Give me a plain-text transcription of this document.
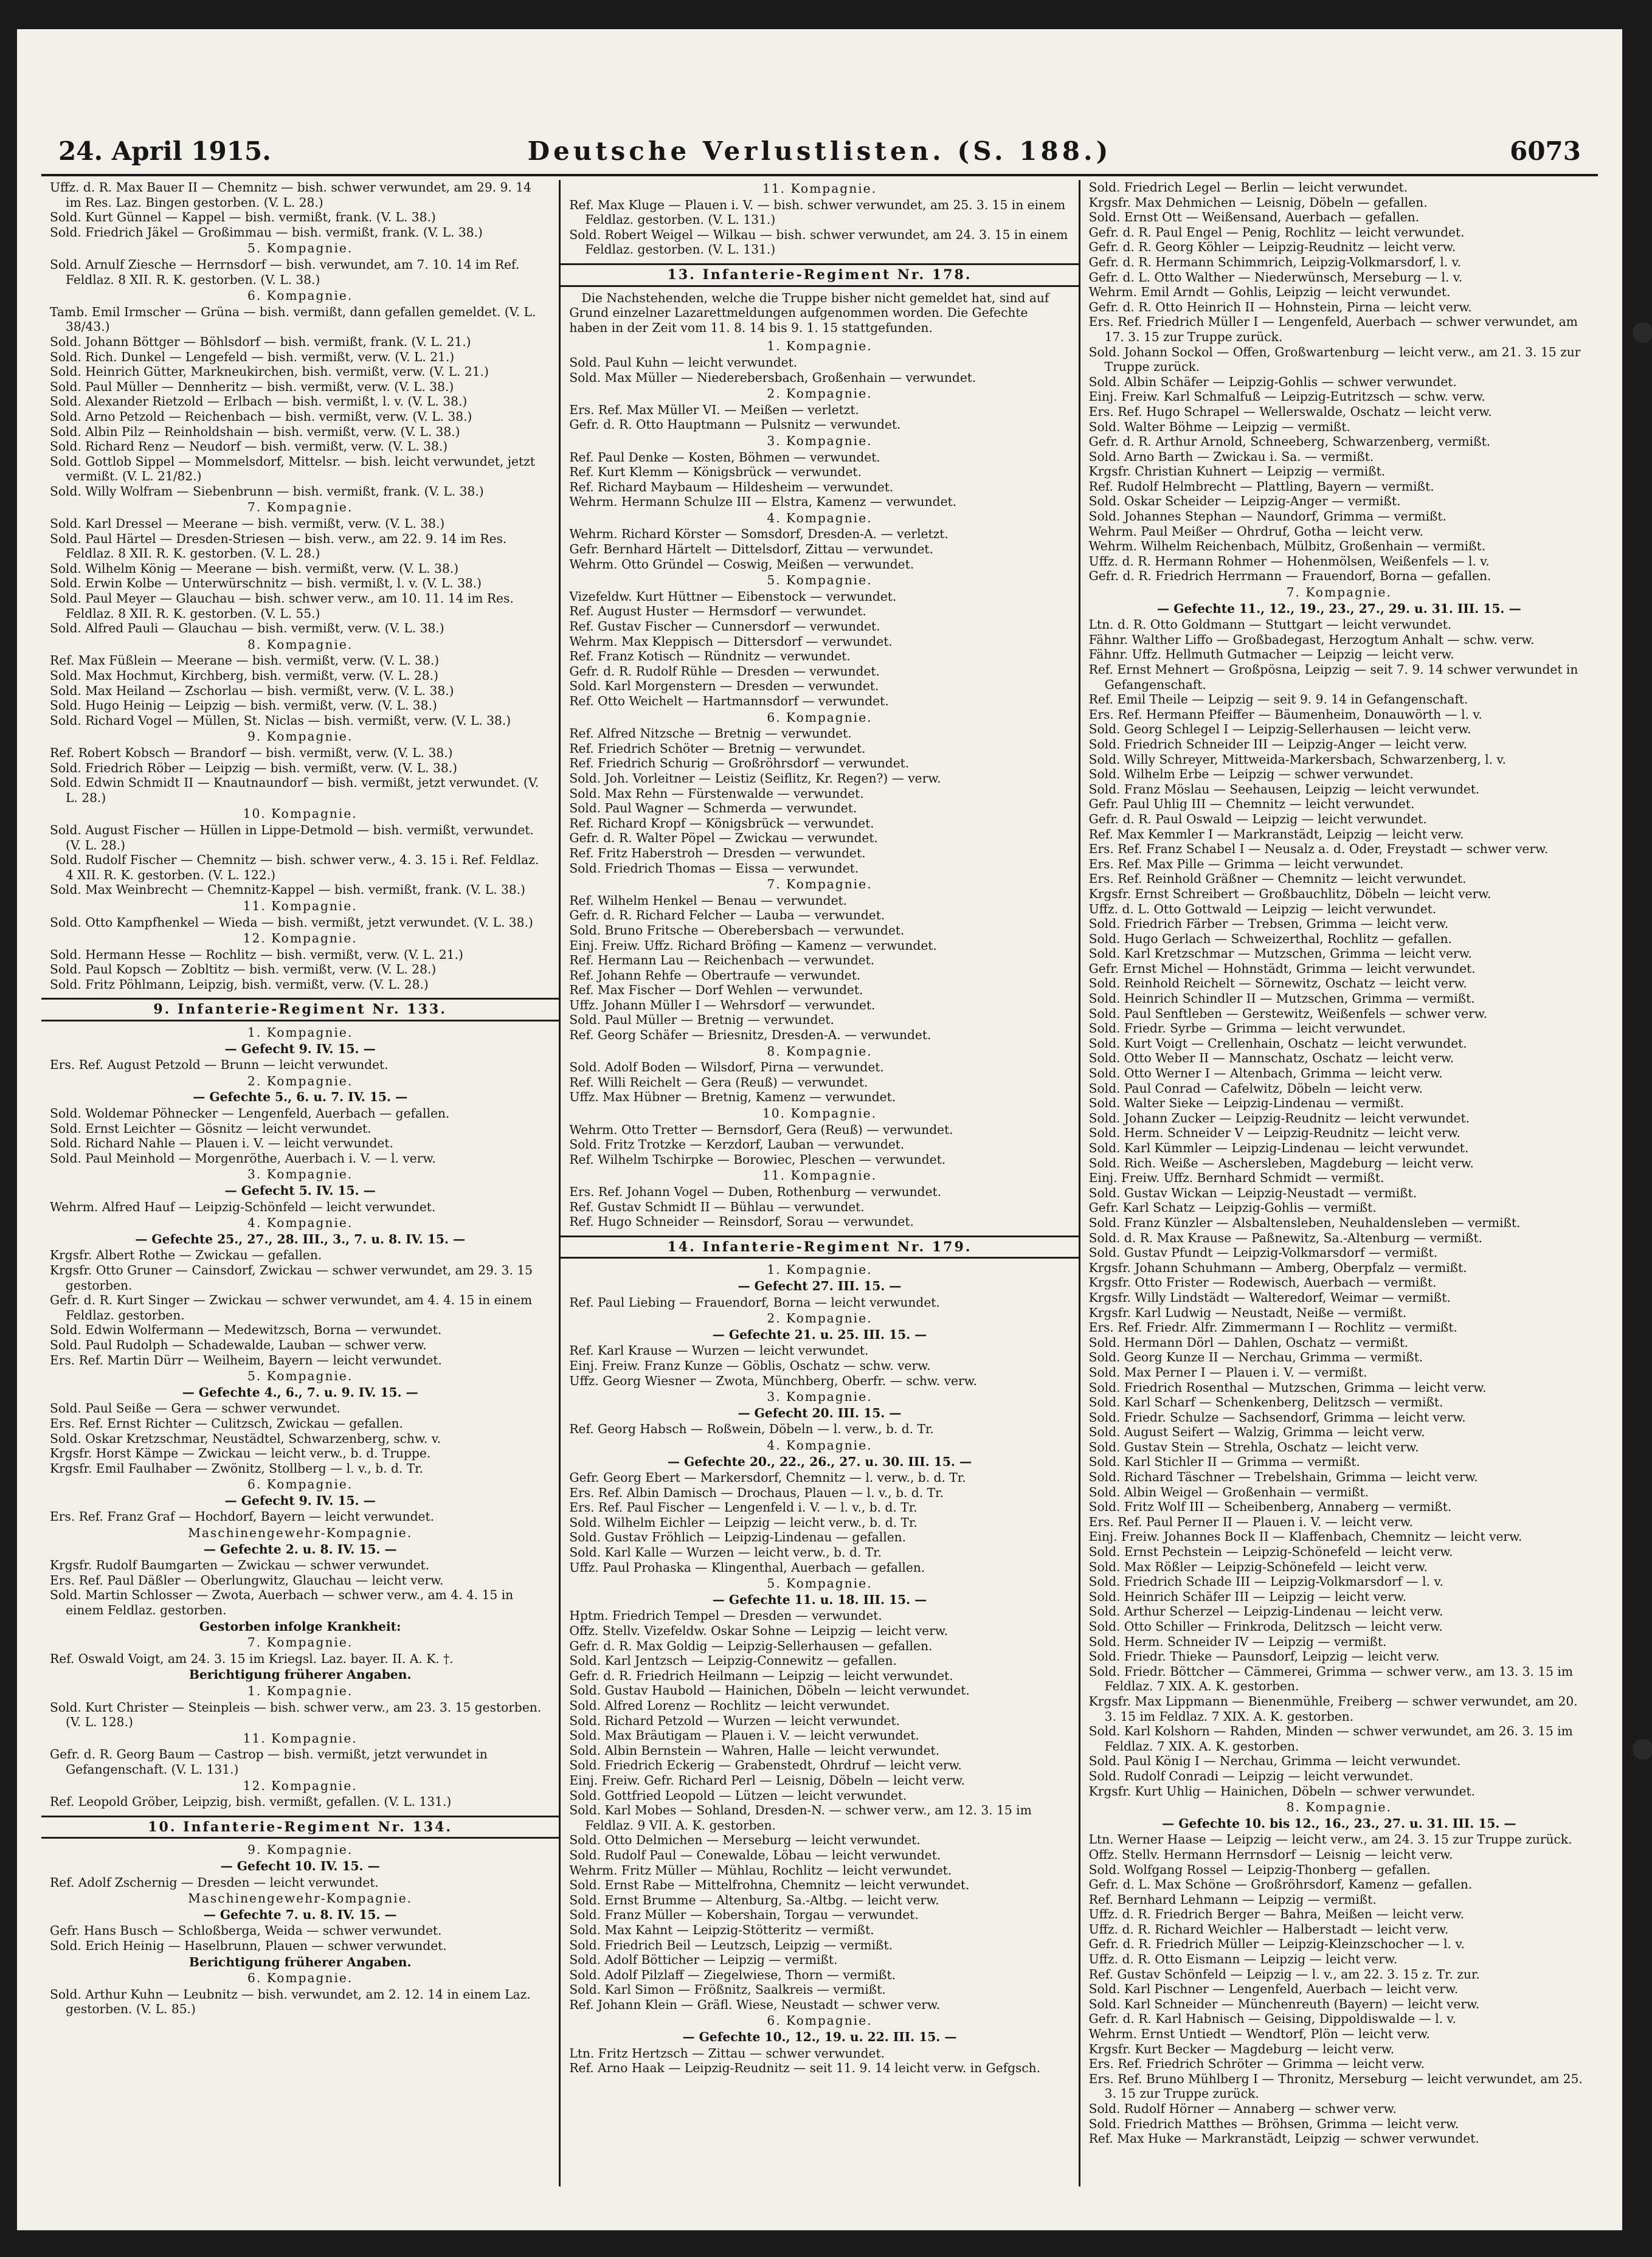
24. April 1915.	Deutsche Verlustlisten. (S. 188.)	6073

Uffz. d. R. Max Bauer II — Chemnitz — bish. schwer verwundet, am 29. 9. 14 im Res. Laz. Bingen gestorben. (V. L. 28.)

Sold. Kurt Günnel — Kappel — bish. vermißt, frank. (V. L. 38.)

Sold. Friedrich Jäkel — Großimmau — bish. vermißt, frank. (V. L. 38.)

5. Kompagnie.

Sold. Arnulf Ziesche — Herrnsdorf — bish. verwundet, am 7. 10. 14 im Ref. Feldlaz. 8 XII. R. K. gestorben. (V. L. 38.)

6. Kompagnie.

Tamb. Emil Irmscher — Grüna — bish. vermißt, dann gefallen gemeldet. (V. L. 38/43.)

Sold. Johann Böttger — Böhlsdorf — bish. vermißt, frank. (V. L. 21.)

Sold. Rich. Dunkel — Lengefeld — bish. vermißt, verw. (V. L. 21.)

Sold. Heinrich Gütter, Markneukirchen, bish. vermißt, verw. (V. L. 21.)

Sold. Paul Müller — Dennheritz — bish. vermißt, verw. (V. L. 38.)

Sold. Alexander Rietzold — Erlbach — bish. vermißt, l. v. (V. L. 38.)

Sold. Arno Petzold — Reichenbach — bish. vermißt, verw. (V. L. 38.)

Sold. Albin Pilz — Reinholdshain — bish. vermißt, verw. (V. L. 38.)

Sold. Richard Renz — Neudorf — bish. vermißt, verw. (V. L. 38.)

Sold. Gottlob Sippel — Mommelsdorf, Mittelsr. — bish. leicht verwundet, jetzt vermißt. (V. L. 21/82.)

Sold. Willy Wolfram — Siebenbrunn — bish. vermißt, frank. (V. L. 38.)

7. Kompagnie.

Sold. Karl Dressel — Meerane — bish. vermißt, verw. (V. L. 38.)

Sold. Paul Härtel — Dresden-Striesen — bish. verw., am 22. 9. 14 im Res. Feldlaz. 8 XII. R. K. gestorben. (V. L. 28.)

Sold. Wilhelm König — Meerane — bish. vermißt, verw. (V. L. 38.)

Sold. Erwin Kolbe — Unterwürschnitz — bish. vermißt, l. v. (V. L. 38.)

Sold. Paul Meyer — Glauchau — bish. schwer verw., am 10. 11. 14 im Res. Feldlaz. 8 XII. R. K. gestorben. (V. L. 55.)

Sold. Alfred Pauli — Glauchau — bish. vermißt, verw. (V. L. 38.)

8. Kompagnie.

Ref. Max Füßlein — Meerane — bish. vermißt, verw. (V. L. 38.)

Sold. Max Hochmut, Kirchberg, bish. vermißt, verw. (V. L. 28.)

Sold. Max Heiland — Zschorlau — bish. vermißt, verw. (V. L. 38.)

Sold. Hugo Heinig — Leipzig — bish. vermißt, verw. (V. L. 38.)

Sold. Richard Vogel — Müllen, St. Niclas — bish. vermißt, verw. (V. L. 38.)

9. Kompagnie.

Ref. Robert Kobsch — Brandorf — bish. vermißt, verw. (V. L. 38.)

Sold. Friedrich Röber — Leipzig — bish. vermißt, verw. (V. L. 38.)

Sold. Edwin Schmidt II — Knautnaundorf — bish. vermißt, jetzt verwundet. (V. L. 28.)

10. Kompagnie.

Sold. August Fischer — Hüllen in Lippe-Detmold — bish. vermißt, verwundet. (V. L. 28.)

Sold. Rudolf Fischer — Chemnitz — bish. schwer verw., 4. 3. 15 i. Ref. Feldlaz. 4 XII. R. K. gestorben. (V. L. 122.)

Sold. Max Weinbrecht — Chemnitz-Kappel — bish. vermißt, frank. (V. L. 38.)

11. Kompagnie.

Sold. Otto Kampfhenkel — Wieda — bish. vermißt, jetzt verwundet. (V. L. 38.)

12. Kompagnie.

Sold. Hermann Hesse — Rochlitz — bish. vermißt, verw. (V. L. 21.)

Sold. Paul Kopsch — Zobltitz — bish. vermißt, verw. (V. L. 28.)

Sold. Fritz Pöhlmann, Leipzig, bish. vermißt, verw. (V. L. 28.)

9. Infanterie-Regiment Nr. 133.

1. Kompagnie.

— Gefecht 9. IV. 15. —

Ers. Ref. August Petzold — Brunn — leicht verwundet.

2. Kompagnie.

— Gefechte 5., 6. u. 7. IV. 15. —

Sold. Woldemar Pöhnecker — Lengenfeld, Auerbach — gefallen.

Sold. Ernst Leichter — Gösnitz — leicht verwundet.

Sold. Richard Nahle — Plauen i. V. — leicht verwundet.

Sold. Paul Meinhold — Morgenröthe, Auerbach i. V. — l. verw.

3. Kompagnie.

— Gefecht 5. IV. 15. —

Wehrm. Alfred Hauf — Leipzig-Schönfeld — leicht verwundet.

4. Kompagnie.

— Gefechte 25., 27., 28. III., 3., 7. u. 8. IV. 15. —

Krgsfr. Albert Rothe — Zwickau — gefallen.

Krgsfr. Otto Gruner — Cainsdorf, Zwickau — schwer verwundet, am 29. 3. 15 gestorben.

Gefr. d. R. Kurt Singer — Zwickau — schwer verwundet, am 4. 4. 15 in einem Feldlaz. gestorben.

Sold. Edwin Wolfermann — Medewitzsch, Borna — verwundet.

Sold. Paul Rudolph — Schadewalde, Lauban — schwer verw.

Ers. Ref. Martin Dürr — Weilheim, Bayern — leicht verwundet.

5. Kompagnie.

— Gefechte 4., 6., 7. u. 9. IV. 15. —

Sold. Paul Seiße — Gera — schwer verwundet.

Ers. Ref. Ernst Richter — Culitzsch, Zwickau — gefallen.

Sold. Oskar Kretzschmar, Neustädtel, Schwarzenberg, schw. v.

Krgsfr. Horst Kämpe — Zwickau — leicht verw., b. d. Truppe.

Krgsfr. Emil Faulhaber — Zwönitz, Stollberg — l. v., b. d. Tr.

6. Kompagnie.

— Gefecht 9. IV. 15. —

Ers. Ref. Franz Graf — Hochdorf, Bayern — leicht verwundet.

Maschinengewehr-Kompagnie.

— Gefechte 2. u. 8. IV. 15. —

Krgsfr. Rudolf Baumgarten — Zwickau — schwer verwundet.

Ers. Ref. Paul Däßler — Oberlungwitz, Glauchau — leicht verw.

Sold. Martin Schlosser — Zwota, Auerbach — schwer verw., am 4. 4. 15 in einem Feldlaz. gestorben.

Gestorben infolge Krankheit:

7. Kompagnie.

Ref. Oswald Voigt, am 24. 3. 15 im Kriegsl. Laz. bayer. II. A. K. †.

Berichtigung früherer Angaben.

1. Kompagnie.

Sold. Kurt Christer — Steinpleis — bish. schwer verw., am 23. 3. 15 gestorben. (V. L. 128.)

11. Kompagnie.

Gefr. d. R. Georg Baum — Castrop — bish. vermißt, jetzt verwundet in Gefangenschaft. (V. L. 131.)

12. Kompagnie.

Ref. Leopold Gröber, Leipzig, bish. vermißt, gefallen. (V. L. 131.)

10. Infanterie-Regiment Nr. 134.

9. Kompagnie.

— Gefecht 10. IV. 15. —

Ref. Adolf Zschernig — Dresden — leicht verwundet.

Maschinengewehr-Kompagnie.

— Gefechte 7. u. 8. IV. 15. —

Gefr. Hans Busch — Schloßberga, Weida — schwer verwundet.

Sold. Erich Heinig — Haselbrunn, Plauen — schwer verwundet.

Berichtigung früherer Angaben.

6. Kompagnie.

Sold. Arthur Kuhn — Leubnitz — bish. verwundet, am 2. 12. 14 in einem Laz. gestorben. (V. L. 85.)

11. Kompagnie.

Ref. Max Kluge — Plauen i. V. — bish. schwer verwundet, am 25. 3. 15 in einem Feldlaz. gestorben. (V. L. 131.)

Sold. Robert Weigel — Wilkau — bish. schwer verwundet, am 24. 3. 15 in einem Feldlaz. gestorben. (V. L. 131.)

13. Infanterie-Regiment Nr. 178.

Die Nachstehenden, welche die Truppe bisher nicht gemeldet hat, sind auf Grund einzelner Lazarettmeldungen aufgenommen worden. Die Gefechte haben in der Zeit vom 11. 8. 14 bis 9. 1. 15 stattgefunden.

1. Kompagnie.

Sold. Paul Kuhn — leicht verwundet.

Sold. Max Müller — Niederebersbach, Großenhain — verwundet.

2. Kompagnie.

Ers. Ref. Max Müller VI. — Meißen — verletzt.

Gefr. d. R. Otto Hauptmann — Pulsnitz — verwundet.

3. Kompagnie.

Ref. Paul Denke — Kosten, Böhmen — verwundet.

Ref. Kurt Klemm — Königsbrück — verwundet.

Ref. Richard Maybaum — Hildesheim — verwundet.

Wehrm. Hermann Schulze III — Elstra, Kamenz — verwundet.

4. Kompagnie.

Wehrm. Richard Körster — Somsdorf, Dresden-A. — verletzt.

Gefr. Bernhard Härtelt — Dittelsdorf, Zittau — verwundet.

Wehrm. Otto Gründel — Coswig, Meißen — verwundet.

5. Kompagnie.

Vizefeldw. Kurt Hüttner — Eibenstock — verwundet.

Ref. August Huster — Hermsdorf — verwundet.

Ref. Gustav Fischer — Cunnersdorf — verwundet.

Wehrm. Max Kleppisch — Dittersdorf — verwundet.

Ref. Franz Kotisch — Ründnitz — verwundet.

Gefr. d. R. Rudolf Rühle — Dresden — verwundet.

Sold. Karl Morgenstern — Dresden — verwundet.

Ref. Otto Weichelt — Hartmannsdorf — verwundet.

6. Kompagnie.

Ref. Alfred Nitzsche — Bretnig — verwundet.

Ref. Friedrich Schöter — Bretnig — verwundet.

Ref. Friedrich Schurig — Großröhrsdorf — verwundet.

Sold. Joh. Vorleitner — Leistiz (Seiflitz, Kr. Regen?) — verw.

Sold. Max Rehn — Fürstenwalde — verwundet.

Sold. Paul Wagner — Schmerda — verwundet.

Ref. Richard Kropf — Königsbrück — verwundet.

Gefr. d. R. Walter Pöpel — Zwickau — verwundet.

Ref. Fritz Haberstroh — Dresden — verwundet.

Sold. Friedrich Thomas — Eissa — verwundet.

7. Kompagnie.

Ref. Wilhelm Henkel — Benau — verwundet.

Gefr. d. R. Richard Felcher — Lauba — verwundet.

Sold. Bruno Fritsche — Oberebersbach — verwundet.

Einj. Freiw. Uffz. Richard Bröfing — Kamenz — verwundet.

Ref. Hermann Lau — Reichenbach — verwundet.

Ref. Johann Rehfe — Obertraufe — verwundet.

Ref. Max Fischer — Dorf Wehlen — verwundet.

Uffz. Johann Müller I — Wehrsdorf — verwundet.

Sold. Paul Müller — Bretnig — verwundet.

Ref. Georg Schäfer — Briesnitz, Dresden-A. — verwundet.

8. Kompagnie.

Sold. Adolf Boden — Wilsdorf, Pirna — verwundet.

Ref. Willi Reichelt — Gera (Reuß) — verwundet.

Uffz. Max Hübner — Bretnig, Kamenz — verwundet.

10. Kompagnie.

Wehrm. Otto Tretter — Bernsdorf, Gera (Reuß) — verwundet.

Sold. Fritz Trotzke — Kerzdorf, Lauban — verwundet.

Ref. Wilhelm Tschirpke — Borowiec, Pleschen — verwundet.

11. Kompagnie.

Ers. Ref. Johann Vogel — Duben, Rothenburg — verwundet.

Ref. Gustav Schmidt II — Bühlau — verwundet.

Ref. Hugo Schneider — Reinsdorf, Sorau — verwundet.

14. Infanterie-Regiment Nr. 179.

1. Kompagnie.

— Gefecht 27. III. 15. —

Ref. Paul Liebing — Frauendorf, Borna — leicht verwundet.

2. Kompagnie.

— Gefechte 21. u. 25. III. 15. —

Ref. Karl Krause — Wurzen — leicht verwundet.

Einj. Freiw. Franz Kunze — Göblis, Oschatz — schw. verw.

Uffz. Georg Wiesner — Zwota, Münchberg, Oberfr. — schw. verw.

3. Kompagnie.

— Gefecht 20. III. 15. —

Ref. Georg Habsch — Roßwein, Döbeln — l. verw., b. d. Tr.

4. Kompagnie.

— Gefechte 20., 22., 26., 27. u. 30. III. 15. —

Gefr. Georg Ebert — Markersdorf, Chemnitz — l. verw., b. d. Tr.

Ers. Ref. Albin Damisch — Drochaus, Plauen — l. v., b. d. Tr.

Ers. Ref. Paul Fischer — Lengenfeld i. V. — l. v., b. d. Tr.

Sold. Wilhelm Eichler — Leipzig — leicht verw., b. d. Tr.

Sold. Gustav Fröhlich — Leipzig-Lindenau — gefallen.

Sold. Karl Kalle — Wurzen — leicht verw., b. d. Tr.

Uffz. Paul Prohaska — Klingenthal, Auerbach — gefallen.

5. Kompagnie.

— Gefechte 11. u. 18. III. 15. —

Hptm. Friedrich Tempel — Dresden — verwundet.

Offz. Stellv. Vizefeldw. Oskar Sohne — Leipzig — leicht verw.

Gefr. d. R. Max Goldig — Leipzig-Sellerhausen — gefallen.

Sold. Karl Jentzsch — Leipzig-Connewitz — gefallen.

Gefr. d. R. Friedrich Heilmann — Leipzig — leicht verwundet.

Sold. Gustav Haubold — Hainichen, Döbeln — leicht verwundet.

Sold. Alfred Lorenz — Rochlitz — leicht verwundet.

Sold. Richard Petzold — Wurzen — leicht verwundet.

Sold. Max Bräutigam — Plauen i. V. — leicht verwundet.

Sold. Albin Bernstein — Wahren, Halle — leicht verwundet.

Sold. Friedrich Eckerig — Grabenstedt, Ohrdruf — leicht verw.

Einj. Freiw. Gefr. Richard Perl — Leisnig, Döbeln — leicht verw.

Sold. Gottfried Leopold — Lützen — leicht verwundet.

Sold. Karl Mobes — Sohland, Dresden-N. — schwer verw., am 12. 3. 15 im Feldlaz. 9 VII. A. K. gestorben.

Sold. Otto Delmichen — Merseburg — leicht verwundet.

Sold. Rudolf Paul — Conewalde, Löbau — leicht verwundet.

Wehrm. Fritz Müller — Mühlau, Rochlitz — leicht verwundet.

Sold. Ernst Rabe — Mittelfrohna, Chemnitz — leicht verwundet.

Sold. Ernst Brumme — Altenburg, Sa.-Altbg. — leicht verw.

Sold. Franz Müller — Kobershain, Torgau — verwundet.

Sold. Max Kahnt — Leipzig-Stötteritz — vermißt.

Sold. Friedrich Beil — Leutzsch, Leipzig — vermißt.

Sold. Adolf Bötticher — Leipzig — vermißt.

Sold. Adolf Pilzlaff — Ziegelwiese, Thorn — vermißt.

Sold. Karl Simon — Frößnitz, Saalkreis — vermißt.

Ref. Johann Klein — Gräfl. Wiese, Neustadt — schwer verw.

6. Kompagnie.

— Gefechte 10., 12., 19. u. 22. III. 15. —

Ltn. Fritz Hertzsch — Zittau — schwer verwundet.

Ref. Arno Haak — Leipzig-Reudnitz — seit 11. 9. 14 leicht verw. in Gefgsch.

Sold. Friedrich Legel — Berlin — leicht verwundet.

Krgsfr. Max Dehmichen — Leisnig, Döbeln — gefallen.

Sold. Ernst Ott — Weißensand, Auerbach — gefallen.

Gefr. d. R. Paul Engel — Penig, Rochlitz — leicht verwundet.

Gefr. d. R. Georg Köhler — Leipzig-Reudnitz — leicht verw.

Gefr. d. R. Hermann Schimmrich, Leipzig-Volkmarsdorf, l. v.

Gefr. d. L. Otto Walther — Niederwünsch, Merseburg — l. v.

Wehrm. Emil Arndt — Gohlis, Leipzig — leicht verwundet.

Gefr. d. R. Otto Heinrich II — Hohnstein, Pirna — leicht verw.

Ers. Ref. Friedrich Müller I — Lengenfeld, Auerbach — schwer verwundet, am 17. 3. 15 zur Truppe zurück.

Sold. Johann Sockol — Offen, Großwartenburg — leicht verw., am 21. 3. 15 zur Truppe zurück.

Sold. Albin Schäfer — Leipzig-Gohlis — schwer verwundet.

Einj. Freiw. Karl Schmalfuß — Leipzig-Eutritzsch — schw. verw.

Ers. Ref. Hugo Schrapel — Wellerswalde, Oschatz — leicht verw.

Sold. Walter Böhme — Leipzig — vermißt.

Gefr. d. R. Arthur Arnold, Schneeberg, Schwarzenberg, vermißt.

Sold. Arno Barth — Zwickau i. Sa. — vermißt.

Krgsfr. Christian Kuhnert — Leipzig — vermißt.

Ref. Rudolf Helmbrecht — Plattling, Bayern — vermißt.

Sold. Oskar Scheider — Leipzig-Anger — vermißt.

Sold. Johannes Stephan — Naundorf, Grimma — vermißt.

Wehrm. Paul Meißer — Ohrdruf, Gotha — leicht verw.

Wehrm. Wilhelm Reichenbach, Mülbitz, Großenhain — vermißt.

Uffz. d. R. Hermann Rohmer — Hohenmölsen, Weißenfels — l. v.

Gefr. d. R. Friedrich Herrmann — Frauendorf, Borna — gefallen.

7. Kompagnie.

— Gefechte 11., 12., 19., 23., 27., 29. u. 31. III. 15. —

Ltn. d. R. Otto Goldmann — Stuttgart — leicht verwundet.

Fähnr. Walther Liffo — Großbadegast, Herzogtum Anhalt — schw. verw.

Fähnr. Uffz. Hellmuth Gutmacher — Leipzig — leicht verw.

Ref. Ernst Mehnert — Großpösna, Leipzig — seit 7. 9. 14 schwer verwundet in Gefangenschaft.

Ref. Emil Theile — Leipzig — seit 9. 9. 14 in Gefangenschaft.

Ers. Ref. Hermann Pfeiffer — Bäumenheim, Donauwörth — l. v.

Sold. Georg Schlegel I — Leipzig-Sellerhausen — leicht verw.

Sold. Friedrich Schneider III — Leipzig-Anger — leicht verw.

Sold. Willy Schreyer, Mittweida-Markersbach, Schwarzenberg, l. v.

Sold. Wilhelm Erbe — Leipzig — schwer verwundet.

Sold. Franz Möslau — Seehausen, Leipzig — leicht verwundet.

Gefr. Paul Uhlig III — Chemnitz — leicht verwundet.

Gefr. d. R. Paul Oswald — Leipzig — leicht verwundet.

Ref. Max Kemmler I — Markranstädt, Leipzig — leicht verw.

Ers. Ref. Franz Schabel I — Neusalz a. d. Oder, Freystadt — schwer verw.

Ers. Ref. Max Pille — Grimma — leicht verwundet.

Ers. Ref. Reinhold Gräßner — Chemnitz — leicht verwundet.

Krgsfr. Ernst Schreibert — Großbauchlitz, Döbeln — leicht verw.

Uffz. d. L. Otto Gottwald — Leipzig — leicht verwundet.

Sold. Friedrich Färber — Trebsen, Grimma — leicht verw.

Sold. Hugo Gerlach — Schweizerthal, Rochlitz — gefallen.

Sold. Karl Kretzschmar — Mutzschen, Grimma — leicht verw.

Gefr. Ernst Michel — Hohnstädt, Grimma — leicht verwundet.

Sold. Reinhold Reichelt — Sörnewitz, Oschatz — leicht verw.

Sold. Heinrich Schindler II — Mutzschen, Grimma — vermißt.

Sold. Paul Senftleben — Gerstewitz, Weißenfels — schwer verw.

Sold. Friedr. Syrbe — Grimma — leicht verwundet.

Sold. Kurt Voigt — Crellenhain, Oschatz — leicht verwundet.

Sold. Otto Weber II — Mannschatz, Oschatz — leicht verw.

Sold. Otto Werner I — Altenbach, Grimma — leicht verw.

Sold. Paul Conrad — Cafelwitz, Döbeln — leicht verw.

Sold. Walter Sieke — Leipzig-Lindenau — vermißt.

Sold. Johann Zucker — Leipzig-Reudnitz — leicht verwundet.

Sold. Herm. Schneider V — Leipzig-Reudnitz — leicht verw.

Sold. Karl Kümmler — Leipzig-Lindenau — leicht verwundet.

Sold. Rich. Weiße — Aschersleben, Magdeburg — leicht verw.

Einj. Freiw. Uffz. Bernhard Schmidt — vermißt.

Sold. Gustav Wickan — Leipzig-Neustadt — vermißt.

Gefr. Karl Schatz — Leipzig-Gohlis — vermißt.

Sold. Franz Künzler — Alsbaltensleben, Neuhaldensleben — vermißt.

Sold. d. R. Max Krause — Paßnewitz, Sa.-Altenburg — vermißt.

Sold. Gustav Pfundt — Leipzig-Volkmarsdorf — vermißt.

Krgsfr. Johann Schuhmann — Amberg, Oberpfalz — vermißt.

Krgsfr. Otto Frister — Rodewisch, Auerbach — vermißt.

Krgsfr. Willy Lindstädt — Walteredorf, Weimar — vermißt.

Krgsfr. Karl Ludwig — Neustadt, Neiße — vermißt.

Ers. Ref. Friedr. Alfr. Zimmermann I — Rochlitz — vermißt.

Sold. Hermann Dörl — Dahlen, Oschatz — vermißt.

Sold. Georg Kunze II — Nerchau, Grimma — vermißt.

Sold. Max Perner I — Plauen i. V. — vermißt.

Sold. Friedrich Rosenthal — Mutzschen, Grimma — leicht verw.

Sold. Karl Scharf — Schenkenberg, Delitzsch — vermißt.

Sold. Friedr. Schulze — Sachsendorf, Grimma — leicht verw.

Sold. August Seifert — Walzig, Grimma — leicht verw.

Sold. Gustav Stein — Strehla, Oschatz — leicht verw.

Sold. Karl Stichler II — Grimma — vermißt.

Sold. Richard Täschner — Trebelshain, Grimma — leicht verw.

Sold. Albin Weigel — Großenhain — vermißt.

Sold. Fritz Wolf III — Scheibenberg, Annaberg — vermißt.

Ers. Ref. Paul Perner II — Plauen i. V. — leicht verw.

Einj. Freiw. Johannes Bock II — Klaffenbach, Chemnitz — leicht verw.

Sold. Ernst Pechstein — Leipzig-Schönefeld — leicht verw.

Sold. Max Rößler — Leipzig-Schönefeld — leicht verw.

Sold. Friedrich Schade III — Leipzig-Volkmarsdorf — l. v.

Sold. Heinrich Schäfer III — Leipzig — leicht verw.

Sold. Arthur Scherzel — Leipzig-Lindenau — leicht verw.

Sold. Otto Schiller — Frinkroda, Delitzsch — leicht verw.

Sold. Herm. Schneider IV — Leipzig — vermißt.

Sold. Friedr. Thieke — Paunsdorf, Leipzig — leicht verw.

Sold. Friedr. Böttcher — Cämmerei, Grimma — schwer verw., am 13. 3. 15 im Feldlaz. 7 XIX. A. K. gestorben.

Krgsfr. Max Lippmann — Bienenmühle, Freiberg — schwer verwundet, am 20. 3. 15 im Feldlaz. 7 XIX. A. K. gestorben.

Sold. Karl Kolshorn — Rahden, Minden — schwer verwundet, am 26. 3. 15 im Feldlaz. 7 XIX. A. K. gestorben.

Sold. Paul König I — Nerchau, Grimma — leicht verwundet.

Sold. Rudolf Conradi — Leipzig — leicht verwundet.

Krgsfr. Kurt Uhlig — Hainichen, Döbeln — schwer verwundet.

8. Kompagnie.

— Gefechte 10. bis 12., 16., 23., 27. u. 31. III. 15. —

Ltn. Werner Haase — Leipzig — leicht verw., am 24. 3. 15 zur Truppe zurück.

Offz. Stellv. Hermann Herrnsdorf — Leisnig — leicht verw.

Sold. Wolfgang Rossel — Leipzig-Thonberg — gefallen.

Gefr. d. L. Max Schöne — Großröhrsdorf, Kamenz — gefallen.

Ref. Bernhard Lehmann — Leipzig — vermißt.

Uffz. d. R. Friedrich Berger — Bahra, Meißen — leicht verw.

Uffz. d. R. Richard Weichler — Halberstadt — leicht verw.

Gefr. d. R. Friedrich Müller — Leipzig-Kleinzschocher — l. v.

Uffz. d. R. Otto Eismann — Leipzig — leicht verw.

Ref. Gustav Schönfeld — Leipzig — l. v., am 22. 3. 15 z. Tr. zur.

Sold. Karl Pischner — Lengenfeld, Auerbach — leicht verw.

Sold. Karl Schneider — Münchenreuth (Bayern) — leicht verw.

Gefr. d. R. Karl Habnisch — Geising, Dippoldiswalde — l. v.

Wehrm. Ernst Untiedt — Wendtorf, Plön — leicht verw.

Krgsfr. Kurt Becker — Magdeburg — leicht verw.

Ers. Ref. Friedrich Schröter — Grimma — leicht verw.

Ers. Ref. Bruno Mühlberg I — Thronitz, Merseburg — leicht verwundet, am 25. 3. 15 zur Truppe zurück.

Sold. Rudolf Hörner — Annaberg — schwer verw.

Sold. Friedrich Matthes — Bröhsen, Grimma — leicht verw.

Ref. Max Huke — Markranstädt, Leipzig — schwer verwundet.
